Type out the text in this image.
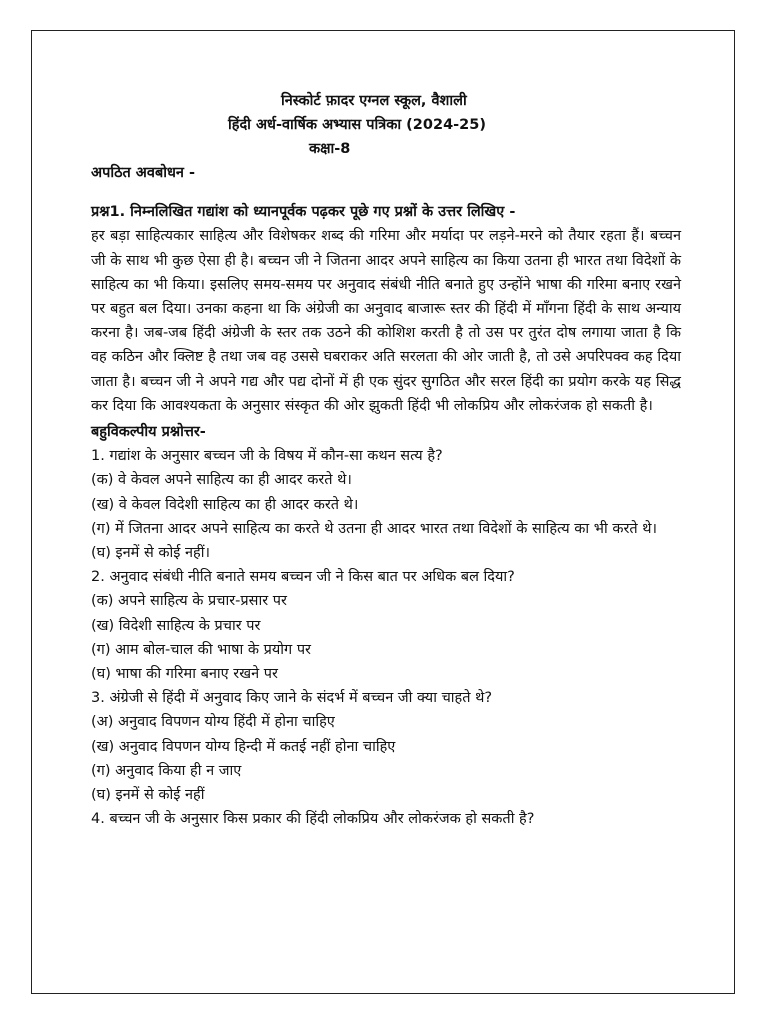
निस्कोर्ट फ़ादर एग्नल स्कूल, वैशाली
हिंदी अर्ध-वार्षिक अभ्यास पत्रिका (2024-25)
कक्षा-8
अपठित अवबोधन -
प्रश्न1. निम्नलिखित गद्यांश को ध्यानपूर्वक पढ़कर पूछे गए प्रश्नों के उत्तर लिखिए -
हर बड़ा साहित्यकार साहित्य और विशेषकर शब्द की गरिमा और मर्यादा पर लड़ने-मरने को तैयार रहता हैं। बच्चन जी के साथ भी कुछ ऐसा ही है। बच्चन जी ने जितना आदर अपने साहित्य का किया उतना ही भारत तथा विदेशों के साहित्य का भी किया। इसलिए समय-समय पर अनुवाद संबंधी नीति बनाते हुए उन्होंने भाषा की गरिमा बनाए रखने पर बहुत बल दिया। उनका कहना था कि अंग्रेजी का अनुवाद बाजारू स्तर की हिंदी में माँगना हिंदी के साथ अन्याय करना है। जब-जब हिंदी अंग्रेजी के स्तर तक उठने की कोशिश करती है तो उस पर तुरंत दोष लगाया जाता है कि वह कठिन और क्लिष्ट है तथा जब वह उससे घबराकर अति सरलता की ओर जाती है, तो उसे अपरिपक्व कह दिया जाता है। बच्चन जी ने अपने गद्य और पद्य दोनों में ही एक सुंदर सुगठित और सरल हिंदी का प्रयोग करके यह सिद्ध कर दिया कि आवश्यकता के अनुसार संस्कृत की ओर झुकती हिंदी भी लोकप्रिय और लोकरंजक हो सकती है।
बहुविकल्पीय प्रश्नोत्तर-
1. गद्यांश के अनुसार बच्चन जी के विषय में कौन-सा कथन सत्य है?
(क) वे केवल अपने साहित्य का ही आदर करते थे।
(ख) वे केवल विदेशी साहित्य का ही आदर करते थे।
(ग) में जितना आदर अपने साहित्य का करते थे उतना ही आदर भारत तथा विदेशों के साहित्य का भी करते थे।
(घ) इनमें से कोई नहीं।
2. अनुवाद संबंधी नीति बनाते समय बच्चन जी ने किस बात पर अधिक बल दिया?
(क) अपने साहित्य के प्रचार-प्रसार पर
(ख) विदेशी साहित्य के प्रचार पर
(ग) आम बोल-चाल की भाषा के प्रयोग पर
(घ) भाषा की गरिमा बनाए रखने पर
3. अंग्रेजी से हिंदी में अनुवाद किए जाने के संदर्भ में बच्चन जी क्या चाहते थे?
(अ) अनुवाद विपणन योग्य हिंदी में होना चाहिए
(ख) अनुवाद विपणन योग्य हिन्दी में कतई नहीं होना चाहिए
(ग) अनुवाद किया ही न जाए
(घ) इनमें से कोई नहीं
4. बच्चन जी के अनुसार किस प्रकार की हिंदी लोकप्रिय और लोकरंजक हो सकती है?
